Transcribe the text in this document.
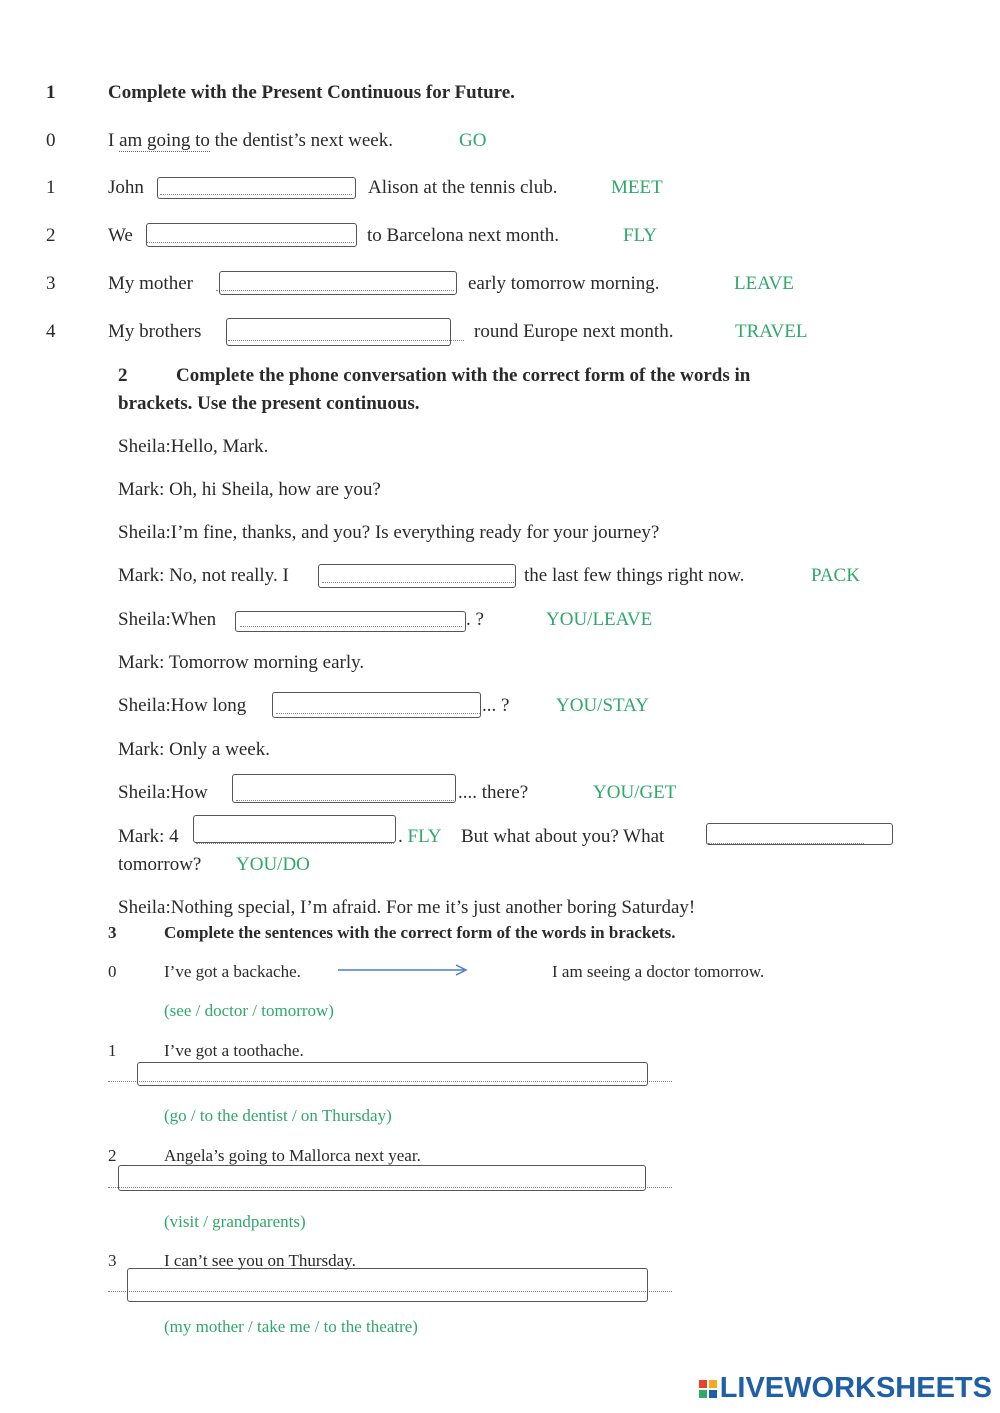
1	Complete with the Present Continuous for Future.
0	I am going to the dentist’s next week.	GO
1	John	Alison at the tennis club.	MEET
2	We	to Barcelona next month.	FLY
3	My mother	early tomorrow morning.	LEAVE
4	My brothers	round Europe next month.	TRAVEL
2	Complete the phone conversation with the correct form of the words in
brackets. Use the present continuous.
Sheila:Hello, Mark.
Mark: Oh, hi Sheila, how are you?
Sheila:I’m fine, thanks, and you? Is everything ready for your journey?
Mark: No, not really. I	the last few things right now.	PACK
Sheila:When	. ?	YOU/LEAVE
Mark: Tomorrow morning early.
Sheila:How long	... ? YOU/STAY
Mark: Only a week.
Sheila:How	.... there?	YOU/GET
Mark: 4	. FLY But what about you? What
tomorrow? YOU/DO
Sheila:Nothing special, I’m afraid. For me it’s just another boring Saturday!
3	Complete the sentences with the correct form of the words in brackets.
0	I’ve got a backache.	I am seeing a doctor tomorrow.
(see / doctor / tomorrow)
1	I’ve got a toothache.
(go / to the dentist / on Thursday)
2	Angela’s going to Mallorca next year.
(visit / grandparents)
3	I can’t see you on Thursday.
(my mother / take me / to the theatre)
LIVEWORKSHEETS
